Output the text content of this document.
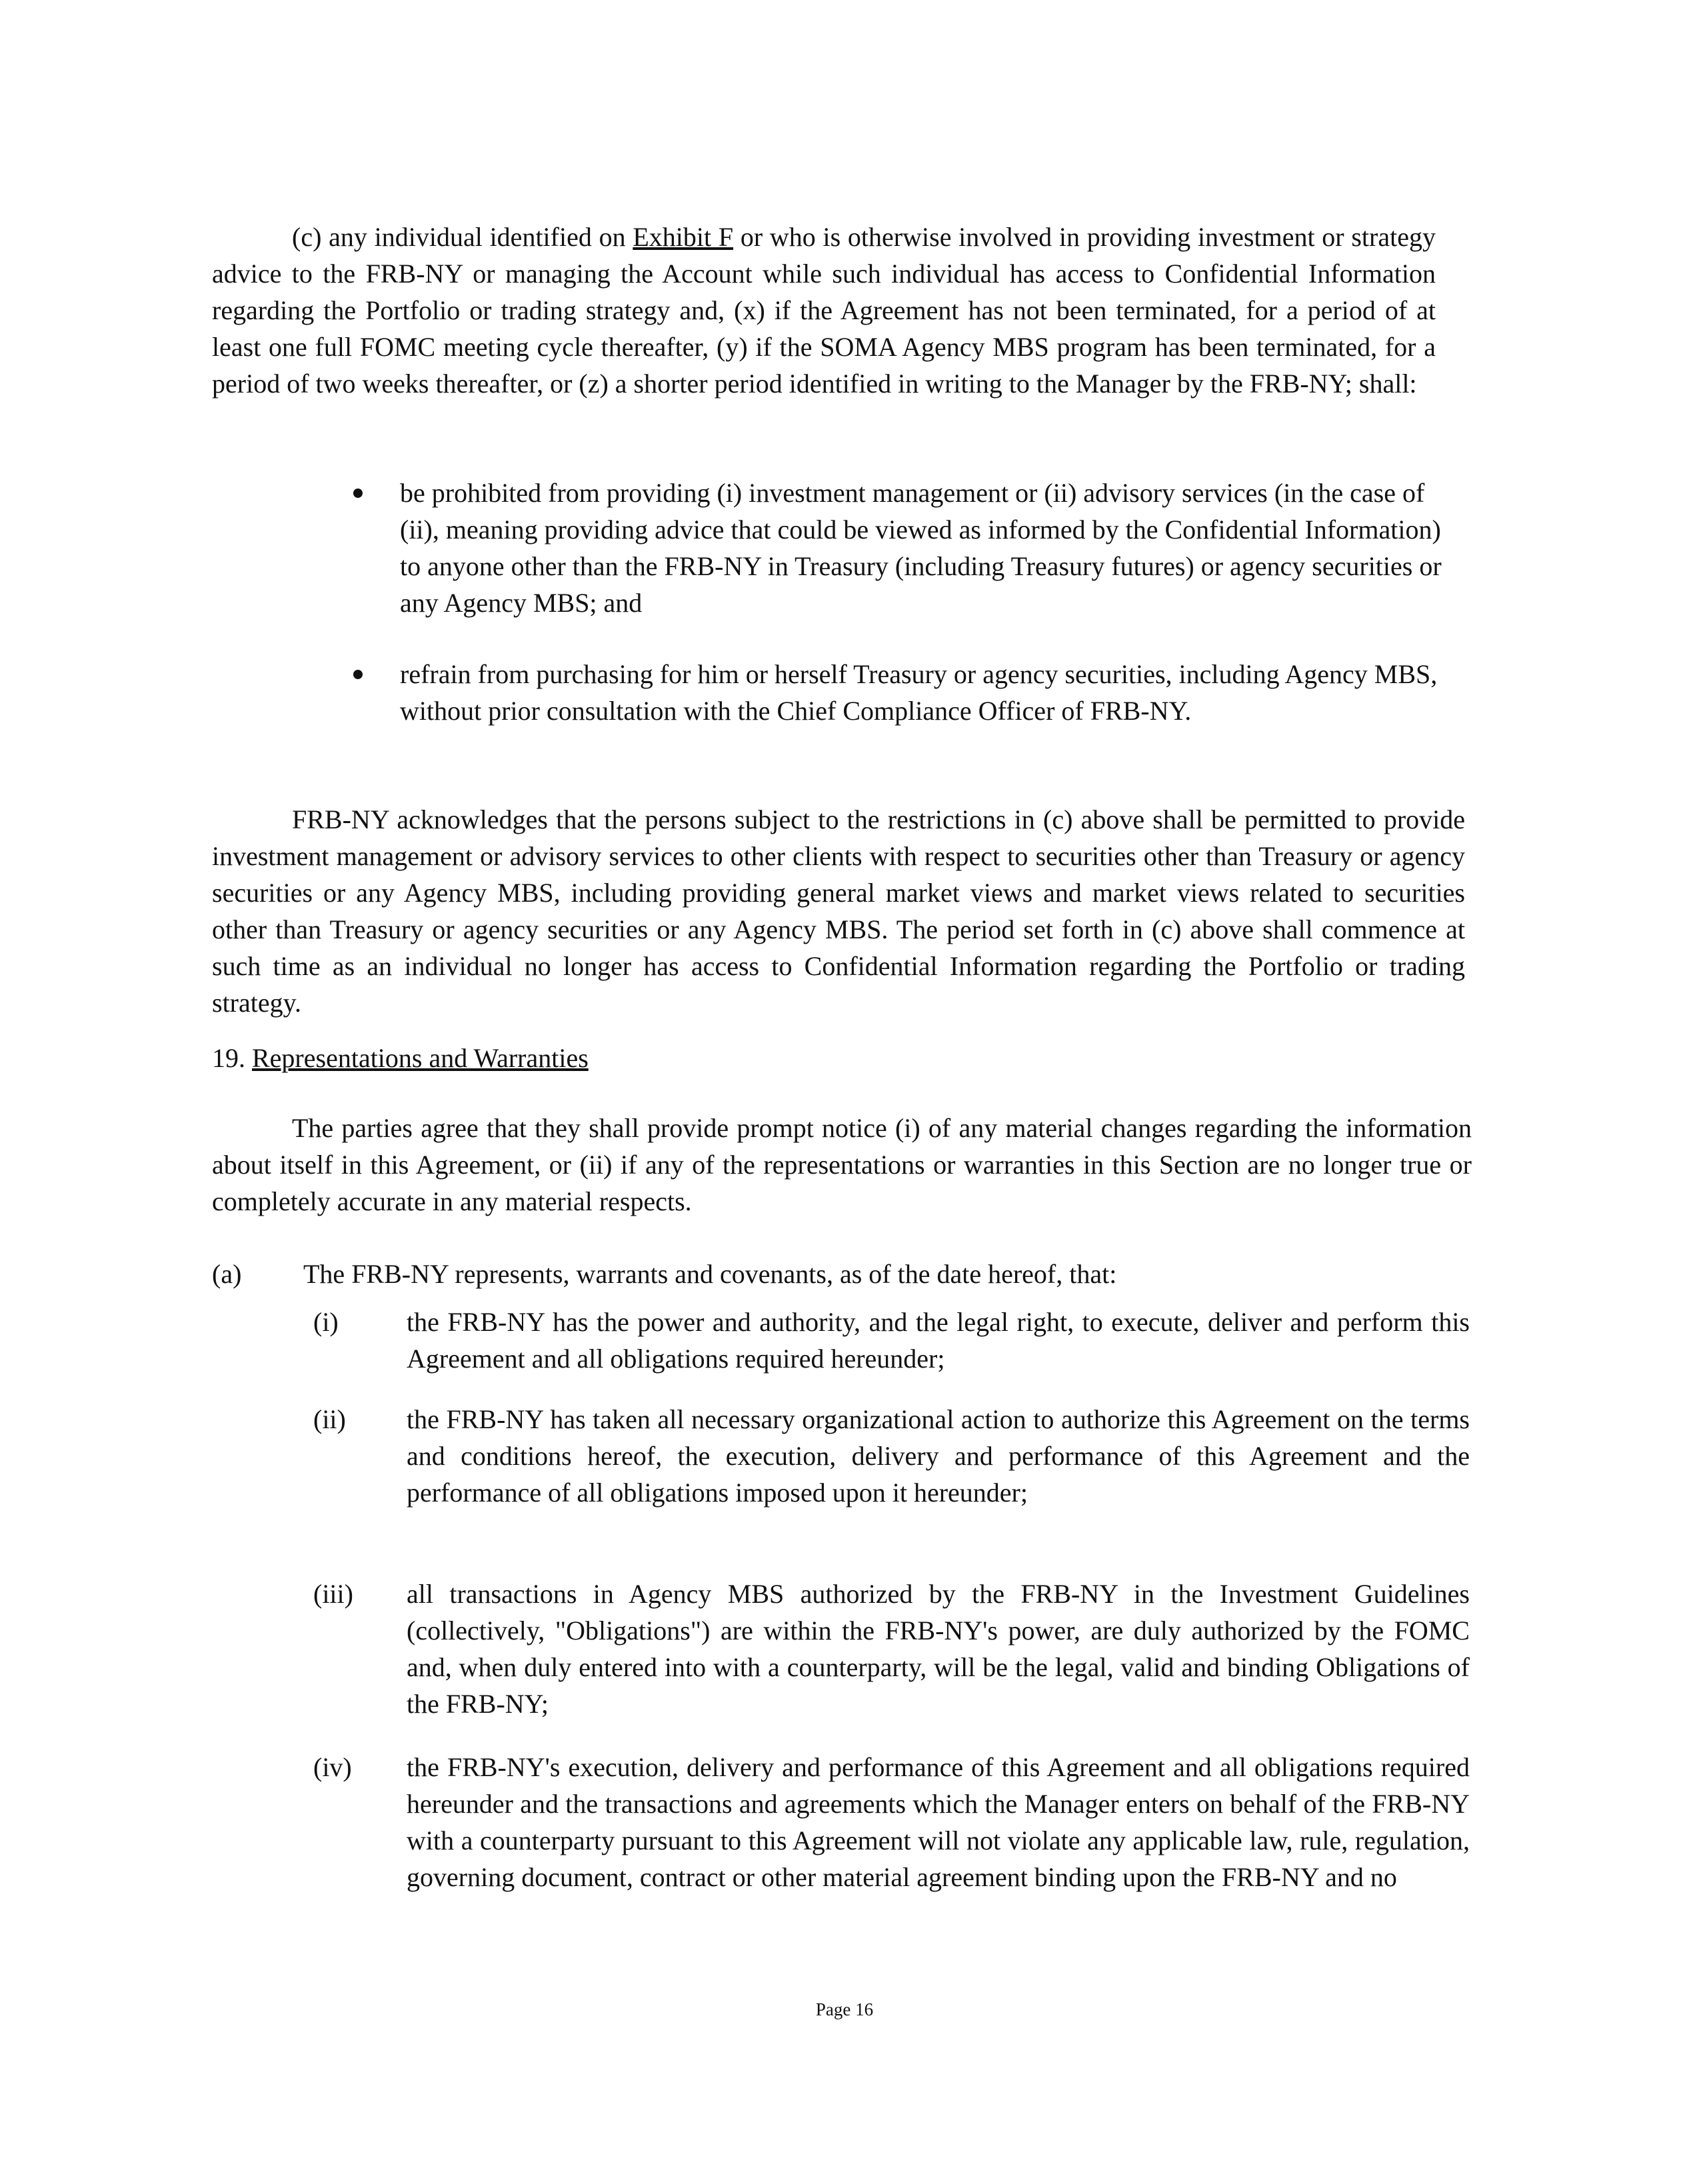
(c) any individual identified on Exhibit F or who is otherwise involved in providing investment or strategy advice to the FRB-NY or managing the Account while such individual has access to Confidential Information regarding the Portfolio or trading strategy and, (x) if the Agreement has not been terminated, for a period of at least one full FOMC meeting cycle thereafter, (y) if the SOMA Agency MBS program has been terminated, for a period of two weeks thereafter, or (z) a shorter period identified in writing to the Manager by the FRB-NY; shall:

be prohibited from providing (i) investment management or (ii) advisory services (in the case of (ii), meaning providing advice that could be viewed as informed by the Confidential Information) to anyone other than the FRB-NY in Treasury (including Treasury futures) or agency securities or any Agency MBS; and

refrain from purchasing for him or herself Treasury or agency securities, including Agency MBS, without prior consultation with the Chief Compliance Officer of FRB-NY.

FRB-NY acknowledges that the persons subject to the restrictions in (c) above shall be permitted to provide investment management or advisory services to other clients with respect to securities other than Treasury or agency securities or any Agency MBS, including providing general market views and market views related to securities other than Treasury or agency securities or any Agency MBS. The period set forth in (c) above shall commence at such time as an individual no longer has access to Confidential Information regarding the Portfolio or trading strategy.

19. Representations and Warranties

The parties agree that they shall provide prompt notice (i) of any material changes regarding the information about itself in this Agreement, or (ii) if any of the representations or warranties in this Section are no longer true or completely accurate in any material respects.

(a) The FRB-NY represents, warrants and covenants, as of the date hereof, that:

(i)	the FRB-NY has the power and authority, and the legal right, to execute, deliver and perform this Agreement and all obligations required hereunder;

(ii) the FRB-NY has taken all necessary organizational action to authorize this Agreement on the terms and conditions hereof, the execution, delivery and performance of this Agreement and the performance of all obligations imposed upon it hereunder;

(iii) all transactions in Agency MBS authorized by the FRB-NY in the Investment Guidelines (collectively, "Obligations") are within the FRB-NY's power, are duly authorized by the FOMC and, when duly entered into with a counterparty, will be the legal, valid and binding Obligations of the FRB-NY;

(iv) the FRB-NY's execution, delivery and performance of this Agreement and all obligations required hereunder and the transactions and agreements which the Manager enters on behalf of the FRB-NY with a counterparty pursuant to this Agreement will not violate any applicable law, rule, regulation, governing document, contract or other material agreement binding upon the FRB-NY and no

Page 16
